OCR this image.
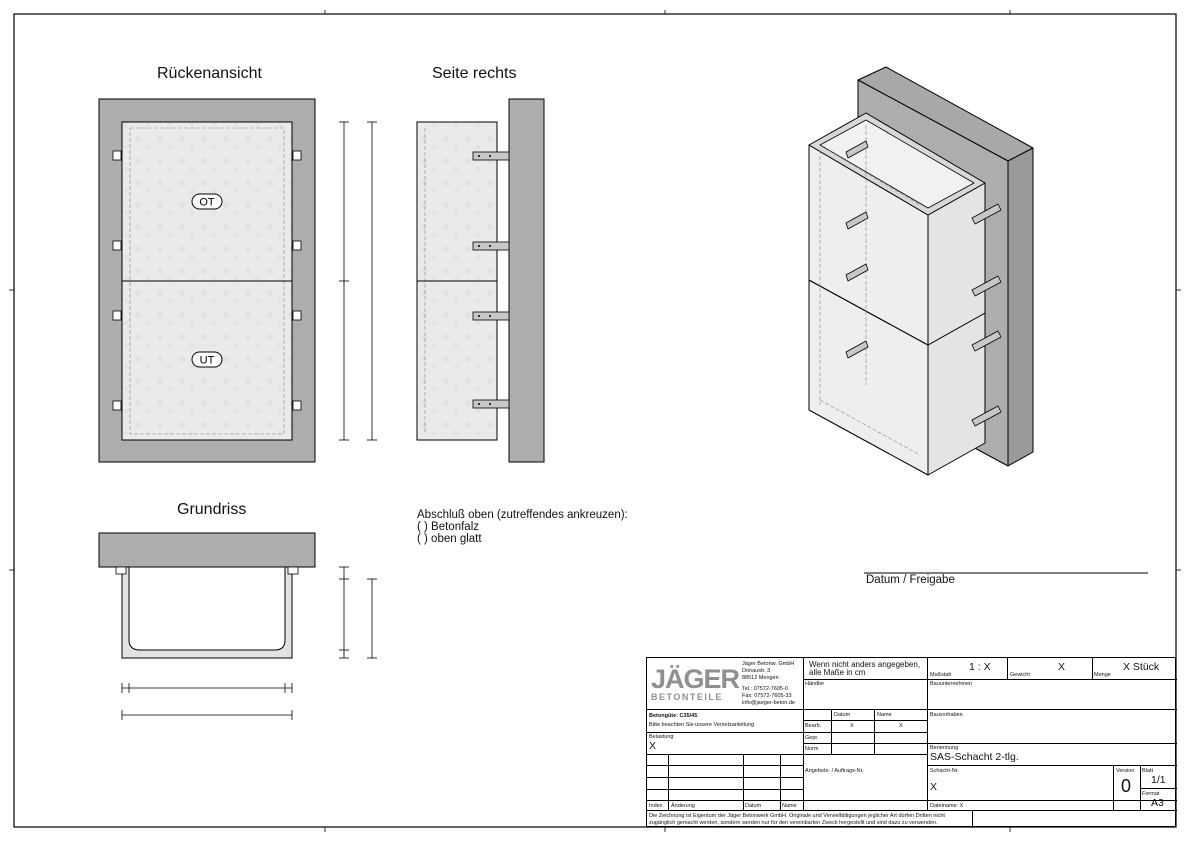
OT
UT
Rückenansicht	Seite rechts
Grundriss	Abschluß oben (zutreffendes ankreuzen):
( ) Betonfalz
( ) oben glatt
Datum / Freigabe
JÄGER
BETONTEILE
Jäger Betonw. GmbH
Donaustr. 3
88512 Mengen
Tel.: 07572-7605-0
Fax: 07572-7605-33
info@jaeger-beton.de
Wenn nicht anders angegeben,
alle Maße in cm
Händler
Maßstab
1 : X
Gewicht
X
Menge
X Stück
Bauunternehmen
Betongüte: C35/45
Bitte beachten Sie unsere Versetzanleitung
Belastung
X
Datum	Name
Bearb.	X	X
Gepr.
Norm
Bauvorhaben
Benennung
SAS-Schacht 2-tlg.
Angebots- / Auftrags-Nr.	Schacht-Nr.
X
Version
0
Blatt
1/1
Format
A3
Index Änderung	Datum	Name	Dateiname: X
Die Zeichnung ist Eigentum der Jäger Betonwerk GmbH. Originale und Vervielfältigungen jeglicher Art dürfen Dritten nicht
zugänglich gemacht werden, sondern werden nur für den vereinbarten Zweck hergestellt und sind dazu zu verwenden.
